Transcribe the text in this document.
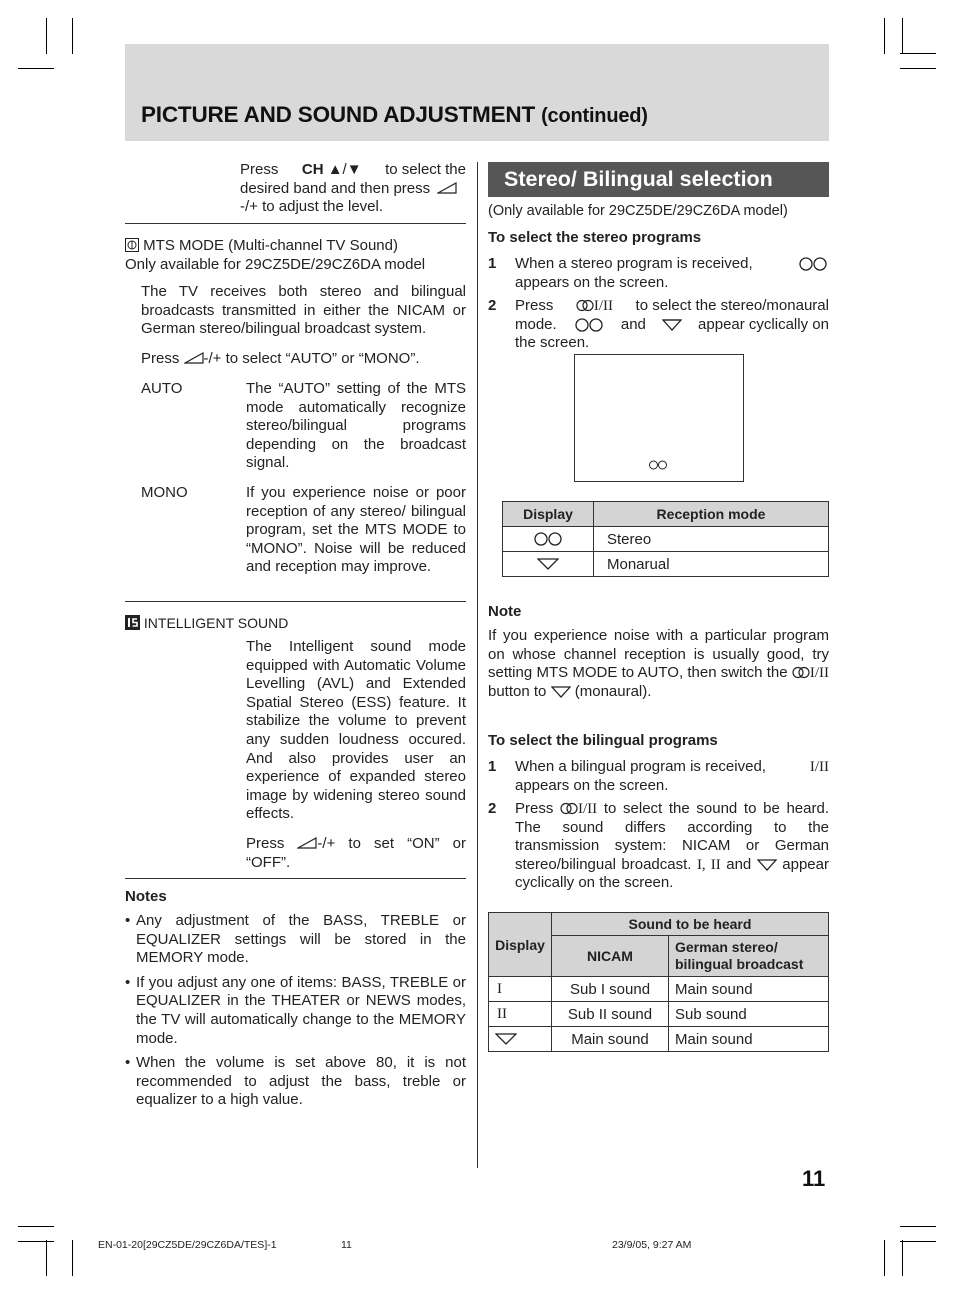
PICTURE AND SOUND ADJUSTMENT (continued)
Press CH ▲/▼ to select the
desired band and then press
-/+ to adjust the level.
MTS MODE (Multi-channel TV Sound)
Only available for 29CZ5DE/29CZ6DA model
The TV receives both stereo and bilingual broadcasts transmitted in either the NICAM or German stereo/bilingual broadcast system.
Press -/+ to select “AUTO” or “MONO”.
AUTO	The “AUTO” setting of the MTS mode automatically recognize stereo/bilingual programs depending on the broadcast signal.
MONO	If you experience noise or poor reception of any stereo/ bilingual program, set the MTS MODE to “MONO”. Noise will be reduced and reception may improve.
INTELLIGENT SOUND
The Intelligent sound mode equipped with Automatic Volume Levelling (AVL) and Extended Spatial Stereo (ESS) feature. It stabilize the volume to prevent any sudden loudness occured. And also provides user an experience of expanded stereo image by widening stereo sound effects.
Press -/+ to set “ON” or “OFF”.
Notes
• Any adjustment of the BASS, TREBLE or EQUALIZER settings will be stored in the MEMORY mode.
• If you adjust any one of items: BASS, TREBLE or EQUALIZER in the THEATER or NEWS modes, the TV will automatically change to the MEMORY mode.
• When the volume is set above 80, it is not recommended to adjust the bass, treble or equalizer to a high value.
Stereo/ Bilingual selection
(Only available for 29CZ5DE/29CZ6DA model)
To select the stereo programs
1 When a stereo program is received,
appears on the screen.
2 Press	I/II to select the stereo/monaural
mode.	and	appear cyclically on
the screen.
Display	Reception mode
	Stereo
	Monarual
Note
If you experience noise with a particular program on whose channel reception is usually good, try setting MTS MODE to AUTO, then switch the I/II button to (monaural).
To select the bilingual programs
1 When a bilingual program is received,	I/II
appears on the screen.
2 Press I/II to select the sound to be heard. The sound differs according to the transmission system: NICAM or German stereo/bilingual broadcast. I, II and appear cyclically on the screen.
Display	Sound to be heard	
	NICAM	German stereo/ bilingual broadcast
I	Sub I sound	Main sound
II	Sub II sound	Sub sound
	Main sound	Main sound
11
EN-01-20[29CZ5DE/29CZ6DA/TES]-1	11	23/9/05, 9:27 AM
